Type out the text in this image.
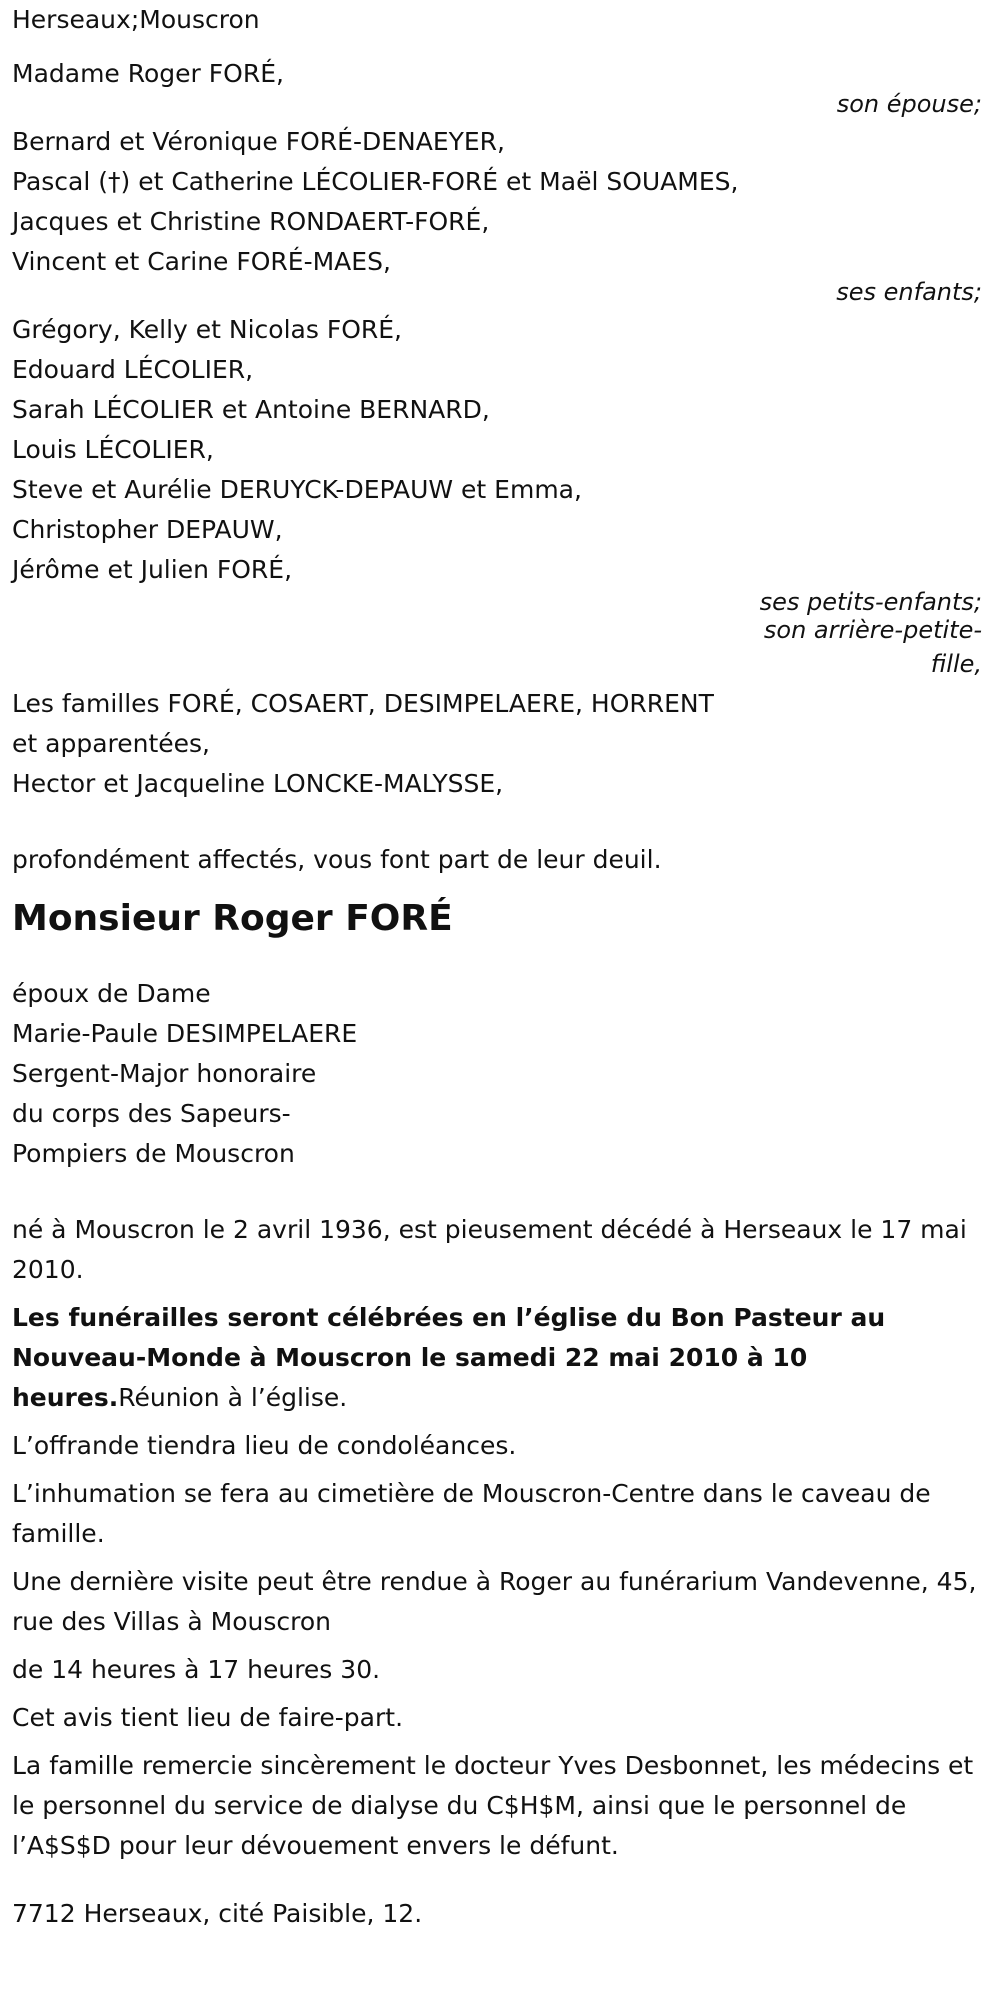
Herseaux;Mouscron
Madame Roger FORÉ,
son épouse;
Bernard et Véronique FORÉ-DENAEYER,
Pascal (†) et Catherine LÉCOLIER-FORÉ et Maël SOUAMES,
Jacques et Christine RONDAERT-FORÉ,
Vincent et Carine FORÉ-MAES,
ses enfants;
Grégory, Kelly et Nicolas FORÉ,
Edouard LÉCOLIER,
Sarah LÉCOLIER et Antoine BERNARD,
Louis LÉCOLIER,
Steve et Aurélie DERUYCK-DEPAUW et Emma,
Christopher DEPAUW,
Jérôme et Julien FORÉ,
ses petits-enfants;
son arrière-petite-
fille,
Les familles FORÉ, COSAERT, DESIMPELAERE, HORRENT
et apparentées,
Hector et Jacqueline LONCKE-MALYSSE,
profondément affectés, vous font part de leur deuil.
Monsieur Roger FORÉ
époux de Dame
Marie-Paule DESIMPELAERE
Sergent-Major honoraire
du corps des Sapeurs-
Pompiers de Mouscron
né à Mouscron le 2 avril 1936, est pieusement décédé à Herseaux le 17 mai 2010.
Les funérailles seront célébrées en l’église du Bon Pasteur au Nouveau-Monde à Mouscron le samedi 22 mai 2010 à 10 heures.Réunion à l’église.
L’offrande tiendra lieu de condoléances.
L’inhumation se fera au cimetière de Mouscron-Centre dans le caveau de famille.
Une dernière visite peut être rendue à Roger au funérarium Vandevenne, 45, rue des Villas à Mouscron
de 14 heures à 17 heures 30.
Cet avis tient lieu de faire-part.
La famille remercie sincèrement le docteur Yves Desbonnet, les médecins et le personnel du service de dialyse du C$H$M, ainsi que le personnel de l’A$S$D pour leur dévouement envers le défunt.
7712 Herseaux, cité Paisible, 12.
